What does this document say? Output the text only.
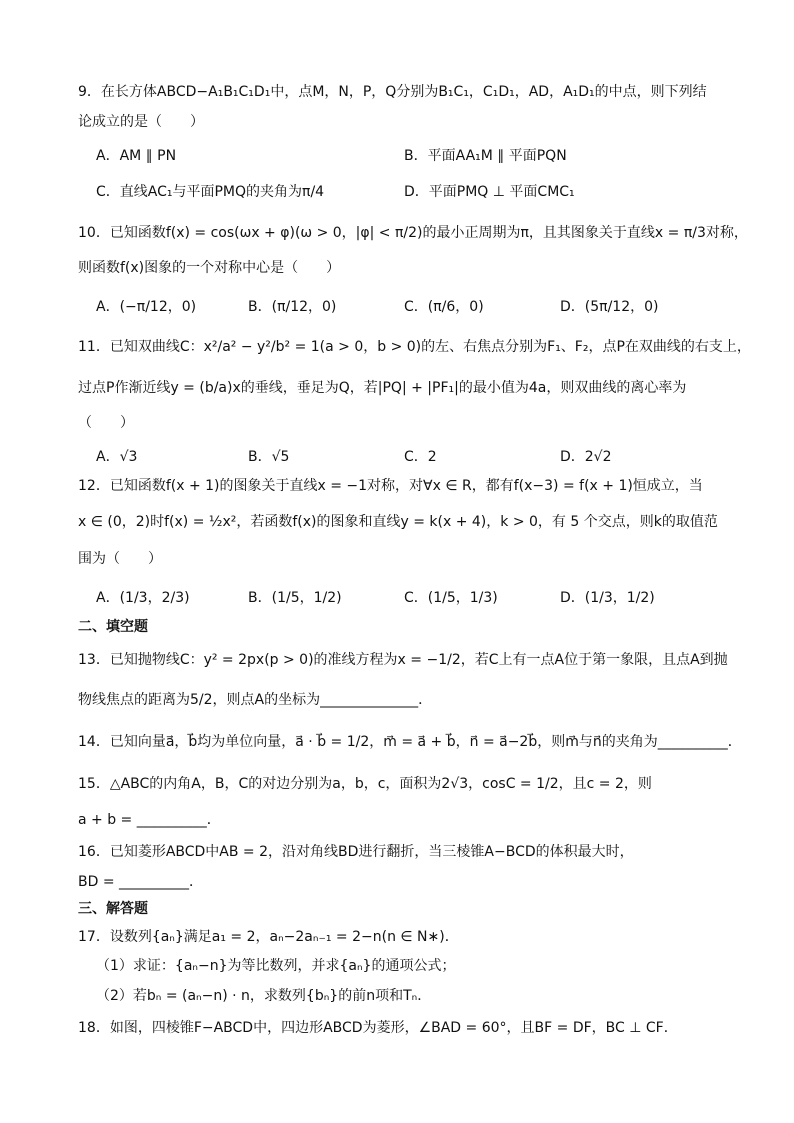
9．在长方体ABCD−A₁B₁C₁D₁中，点M，N，P，Q分别为B₁C₁，C₁D₁，AD，A₁D₁的中点，则下列结
论成立的是（　　）
A．AM ∥ PN	B．平面AA₁M ∥ 平面PQN
C．直线AC₁与平面PMQ的夹角为π/4	D．平面PMQ ⊥ 平面CMC₁
10．已知函数f(x) = cos(ωx + φ)(ω > 0，|φ| < π/2)的最小正周期为π，且其图象关于直线x = π/3对称，
则函数f(x)图象的一个对称中心是（　　）
A．(−π/12，0)	B．(π/12，0)	C．(π/6，0)	D．(5π/12，0)
11．已知双曲线C：x²/a² − y²/b² = 1(a > 0，b > 0)的左、右焦点分别为F₁、F₂，点P在双曲线的右支上，
过点P作渐近线y = (b/a)x的垂线，垂足为Q，若|PQ| + |PF₁|的最小值为4a，则双曲线的离心率为
（　　）
A．√3	B．√5	C．2	D．2√2
12．已知函数f(x + 1)的图象关于直线x = −1对称，对∀x ∈ R，都有f(x−3) = f(x + 1)恒成立，当
x ∈ (0，2)时f(x) = ½x²，若函数f(x)的图象和直线y = k(x + 4)，k > 0，有 5 个交点，则k的取值范
围为（　　）
A．(1/3，2/3)	B．(1/5，1/2)	C．(1/5，1/3)	D．(1/3，1/2)
二、填空题
13．已知抛物线C：y² = 2px(p > 0)的准线方程为x = −1/2，若C上有一点A位于第一象限，且点A到抛
物线焦点的距离为5/2，则点A的坐标为______________．
14．已知向量a⃗，b⃗均为单位向量，a⃗ · b⃗ = 1/2，m⃗ = a⃗ + b⃗，n⃗ = a⃗−2b⃗，则m⃗与n⃗的夹角为__________．
15．△ABC的内角A，B，C的对边分别为a，b，c，面积为2√3，cosC = 1/2，且c = 2，则
a + b = __________．
16．已知菱形ABCD中AB = 2，沿对角线BD进行翻折，当三棱锥A−BCD的体积最大时，
BD = __________．
三、解答题
17．设数列{aₙ}满足a₁ = 2，aₙ−2aₙ₋₁ = 2−n(n ∈ N∗)．
（1）求证：{aₙ−n}为等比数列，并求{aₙ}的通项公式；
（2）若bₙ = (aₙ−n) · n，求数列{bₙ}的前n项和Tₙ．
18．如图，四棱锥F−ABCD中，四边形ABCD为菱形，∠BAD = 60°，且BF = DF，BC ⊥ CF．
